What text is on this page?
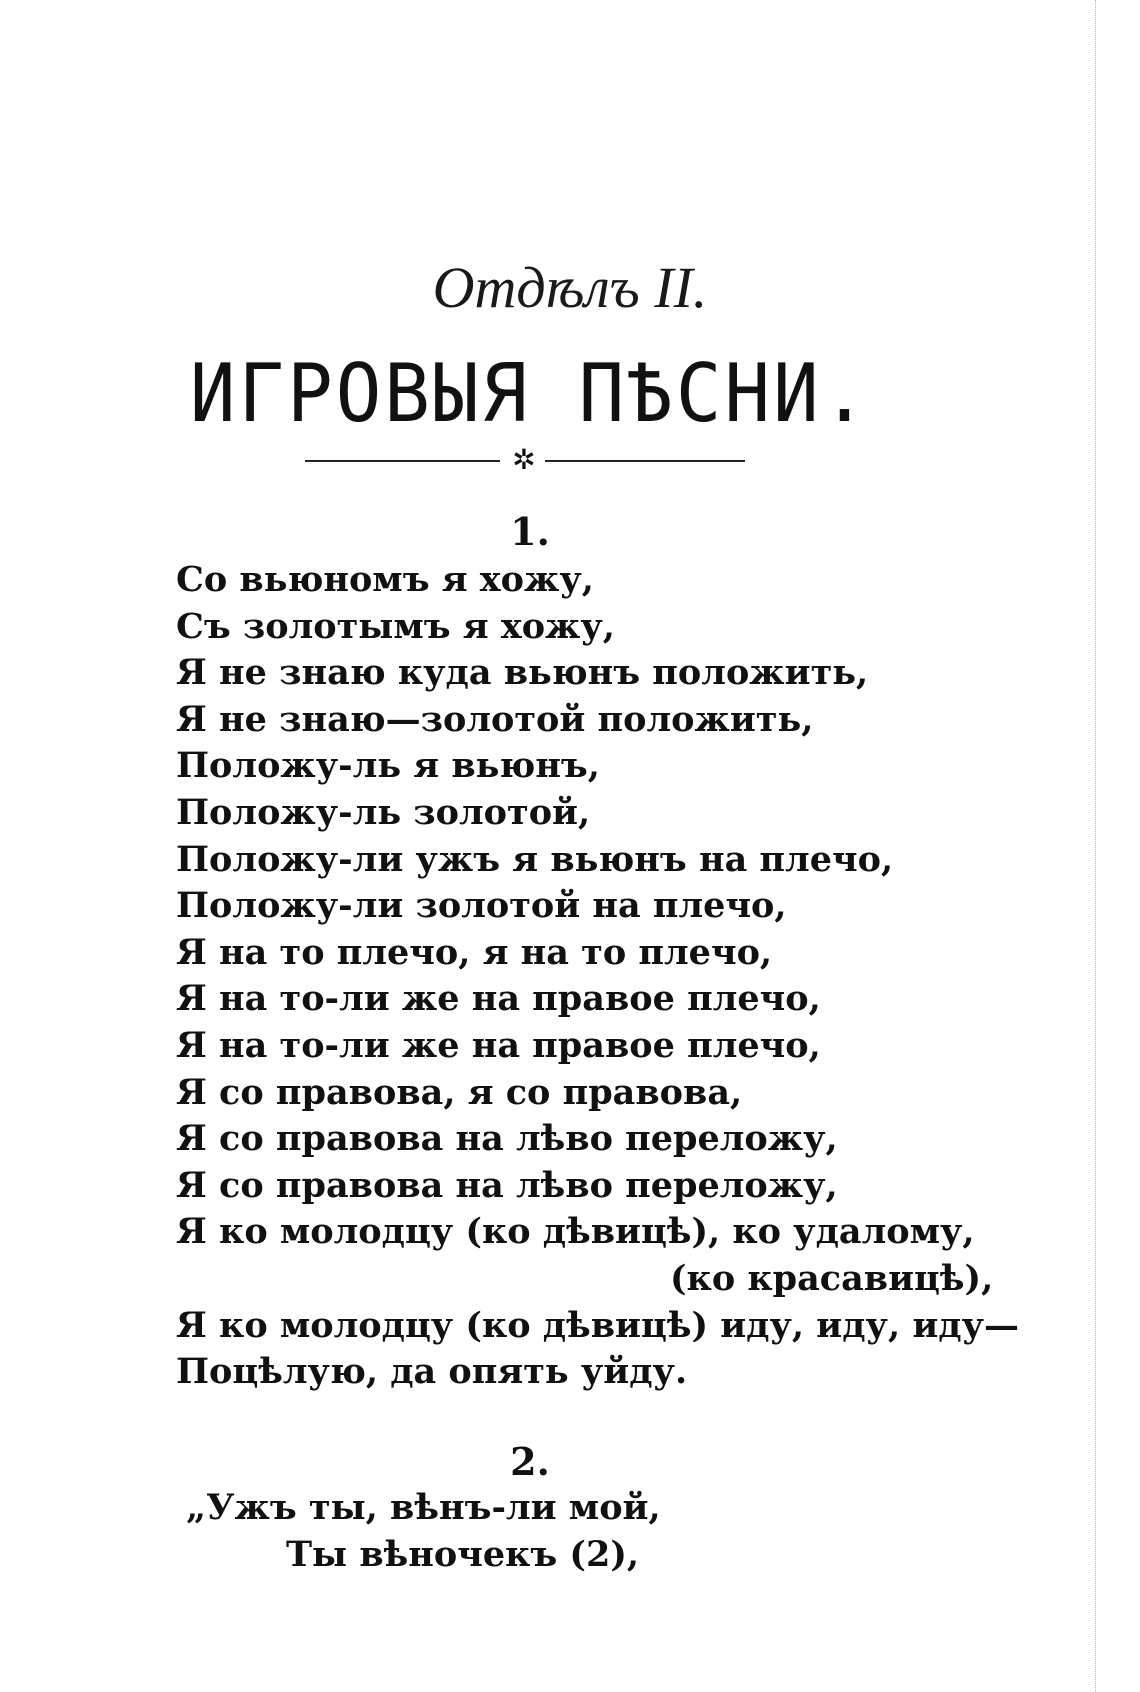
Отдѣлъ II.
ИГРОВЫЯ ПѢСНИ.
✲
1.
Со вьюномъ я хожу,
Съ золотымъ я хожу,
Я не знаю куда вьюнъ положить,
Я не знаю—золотой положить,
Положу-ль я вьюнъ,
Положу-ль золотой,
Положу-ли ужъ я вьюнъ на плечо,
Положу-ли золотой на плечо,
Я на то плечо, я на то плечо,
Я на то-ли же на правое плечо,
Я на то-ли же на правое плечо,
Я со правова, я со правова,
Я со правова на лѣво переложу,
Я со правова на лѣво переложу,
Я ко молодцу (ко дѣвицѣ), ко удалому,
(ко красавицѣ),
Я ко молодцу (ко дѣвицѣ) иду, иду, иду—
Поцѣлую, да опять уйду.
2.
„Ужъ ты, вѣнъ-ли мой,
Ты вѣночекъ (2),
